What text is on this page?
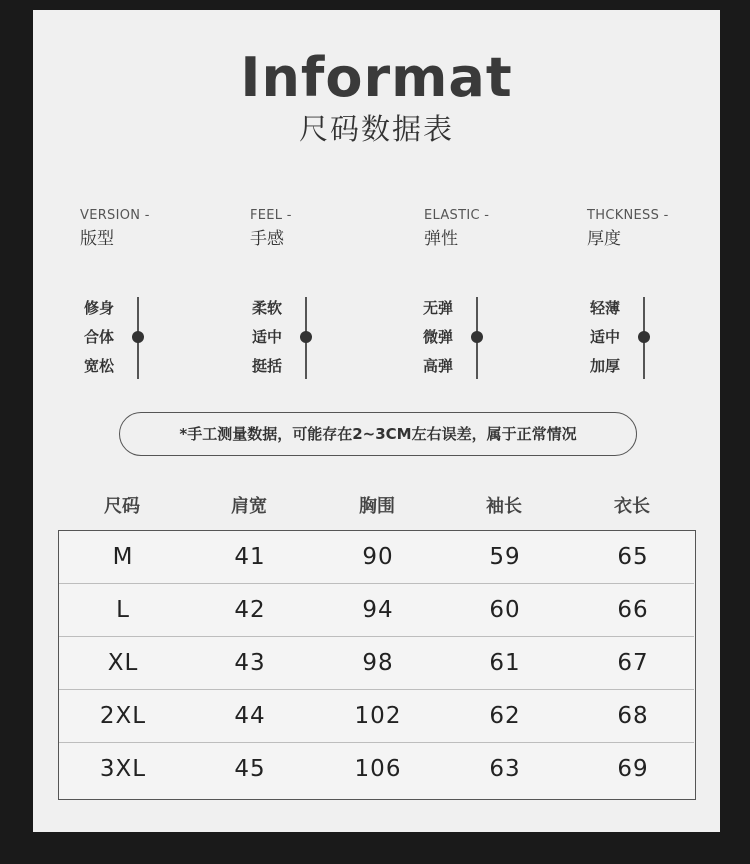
Informat
尺码数据表
VERSION -
版型
FEEL -
手感
ELASTIC -
弹性
THCKNESS -
厚度
修身
合体
宽松
柔软
适中
挺括
无弹
微弹
高弹
轻薄
适中
加厚
*手工测量数据，可能存在2~3CM左右误差，属于正常情况
尺码	肩宽	胸围	袖长	衣长
M	41	90	59	65
L	42	94	60	66
XL	43	98	61	67
2XL	44	102	62	68
3XL	45	106	63	69
